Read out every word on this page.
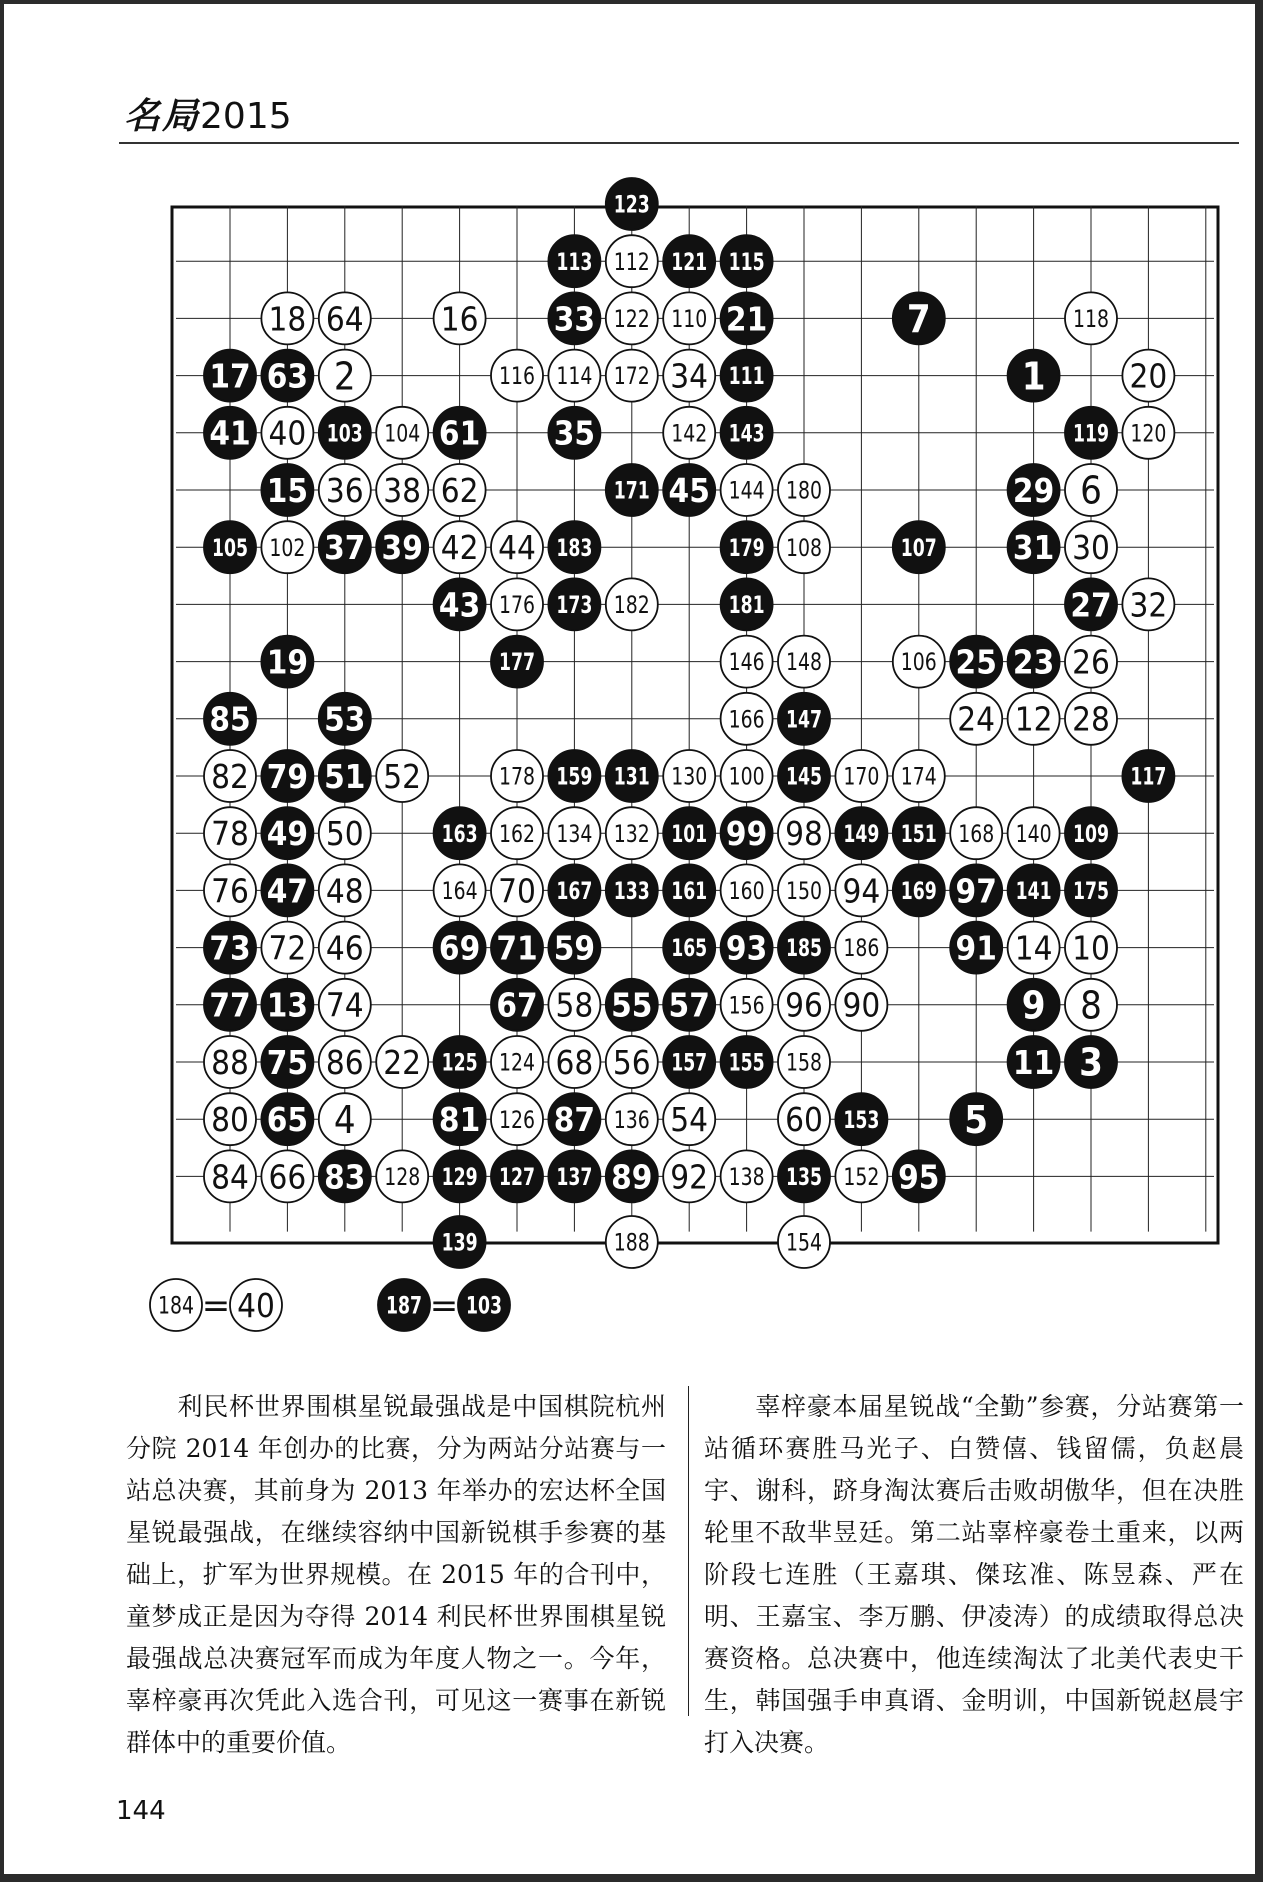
名局2015
113 112 121 115
18 64 16 33 122 110 21	7	118
17 63 2	116 114 172 34 111	1	20
41 40 103 104 61 35	142 143	119 120
15 36 38 62	171 45 144 180	29 6
105 102 37 39 42 44 183	179 108	107 31 30
43 176 173 182	181	27 32
19	177	146 148	106 25 23 26
85 53	166 147	24 12 28
82 79 51 52	178 159 131 130 100 145 170 174	117
78 49 50	163 162 134 132 101 99 98 149 151 168 140 109
76 47 48	164 70 167 133 161 160 150 94 169 97 141 175
73 72 46 69 71 59	165 93 185 186 91 14 10
77 13 74	67 58 55 57 156 96 90	9 8
88 75 86 22 125 124 68 56 157 155 158	11 3
80 65 4	81 126 87 136 54 60 153 5
84 66 83 128 129 127 137 89 92 138 135 152 95
123
139	188	154
184 = 40	187 = 103
　　利民杯世界围棋星锐最强战是中国棋院杭州分院 2014 年创办的比赛，分为两站分站赛与一站总决赛，其前身为 2013 年举办的宏达杯全国星锐最强战，在继续容纳中国新锐棋手参赛的基础上，扩军为世界规模。在 2015 年的合刊中，童梦成正是因为夺得 2014 利民杯世界围棋星锐最强战总决赛冠军而成为年度人物之一。今年，辜梓豪再次凭此入选合刊，可见这一赛事在新锐群体中的重要价值。
　　辜梓豪本届星锐战“全勤”参赛，分站赛第一站循环赛胜马光子、白赞僖、钱留儒，负赵晨宇、谢科，跻身淘汰赛后击败胡傲华，但在决胜轮里不敌芈昱廷。第二站辜梓豪卷土重来，以两阶段七连胜（王嘉琪、傑玹准、陈昱森、严在明、王嘉宝、李万鹏、伊凌涛）的成绩取得总决赛资格。总决赛中，他连续淘汰了北美代表史干生，韩国强手申真谞、金明训，中国新锐赵晨宇打入决赛。
144
